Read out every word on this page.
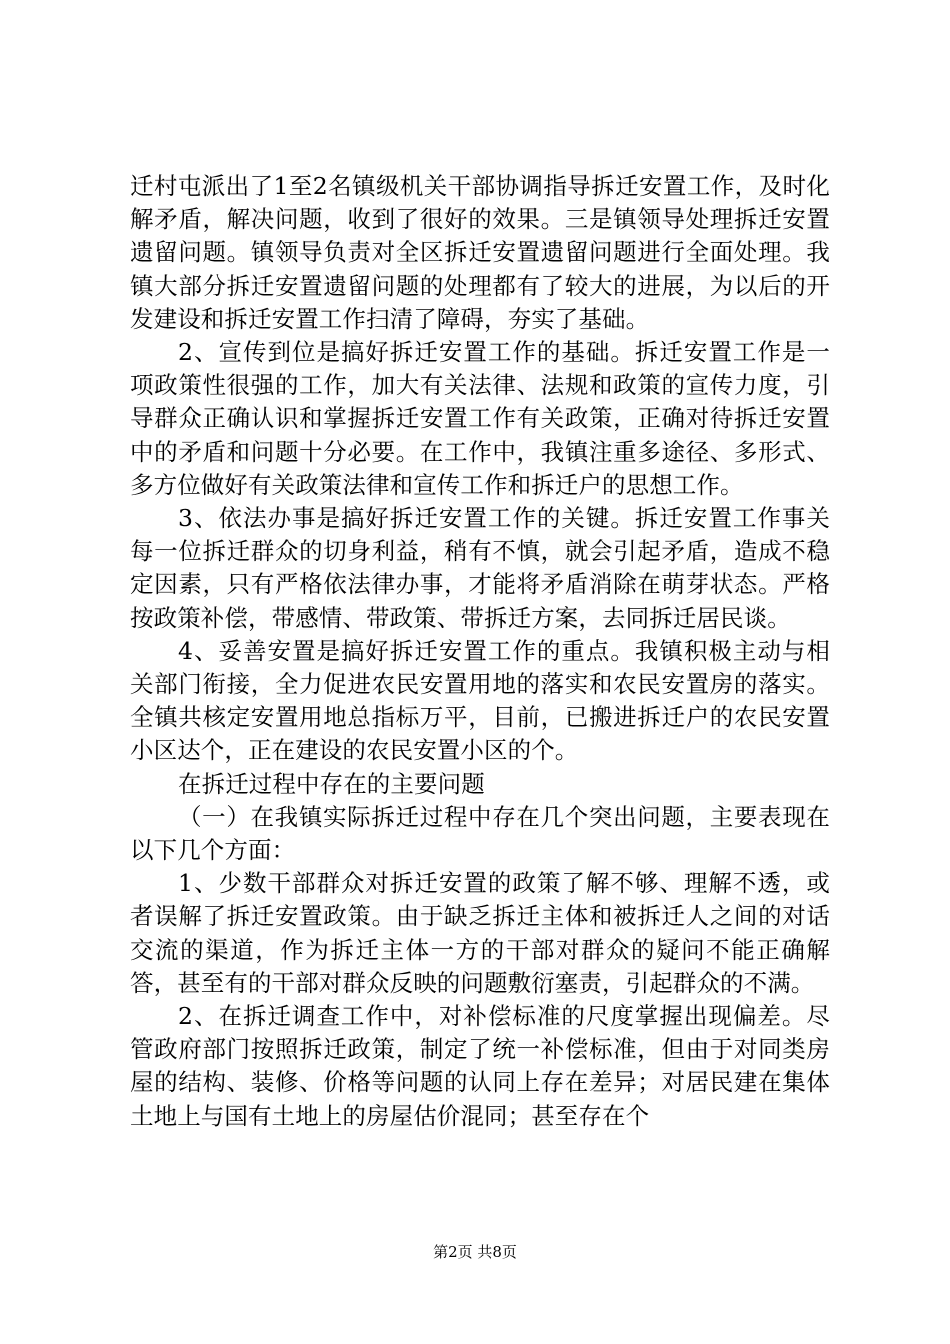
迁村屯派出了1至2名镇级机关干部协调指导拆迁安置工作，及时化解矛盾，解决问题，收到了很好的效果。三是镇领导处理拆迁安置遗留问题。镇领导负责对全区拆迁安置遗留问题进行全面处理。我镇大部分拆迁安置遗留问题的处理都有了较大的进展，为以后的开发建设和拆迁安置工作扫清了障碍，夯实了基础。

2、宣传到位是搞好拆迁安置工作的基础。拆迁安置工作是一项政策性很强的工作，加大有关法律、法规和政策的宣传力度，引导群众正确认识和掌握拆迁安置工作有关政策，正确对待拆迁安置中的矛盾和问题十分必要。在工作中，我镇注重多途径、多形式、多方位做好有关政策法律和宣传工作和拆迁户的思想工作。

3、依法办事是搞好拆迁安置工作的关键。拆迁安置工作事关每一位拆迁群众的切身利益，稍有不慎，就会引起矛盾，造成不稳定因素，只有严格依法律办事，才能将矛盾消除在萌芽状态。严格按政策补偿，带感情、带政策、带拆迁方案，去同拆迁居民谈。

4、妥善安置是搞好拆迁安置工作的重点。我镇积极主动与相关部门衔接，全力促进农民安置用地的落实和农民安置房的落实。全镇共核定安置用地总指标万平，目前，已搬进拆迁户的农民安置小区达个，正在建设的农民安置小区的个。

在拆迁过程中存在的主要问题

（一）在我镇实际拆迁过程中存在几个突出问题，主要表现在以下几个方面：

1、少数干部群众对拆迁安置的政策了解不够、理解不透，或者误解了拆迁安置政策。由于缺乏拆迁主体和被拆迁人之间的对话交流的渠道，作为拆迁主体一方的干部对群众的疑问不能正确解答，甚至有的干部对群众反映的问题敷衍塞责，引起群众的不满。

2、在拆迁调查工作中，对补偿标准的尺度掌握出现偏差。尽管政府部门按照拆迁政策，制定了统一补偿标准，但由于对同类房屋的结构、装修、价格等问题的认同上存在差异；对居民建在集体土地上与国有土地上的房屋估价混同；甚至存在个

第2页 共8页
